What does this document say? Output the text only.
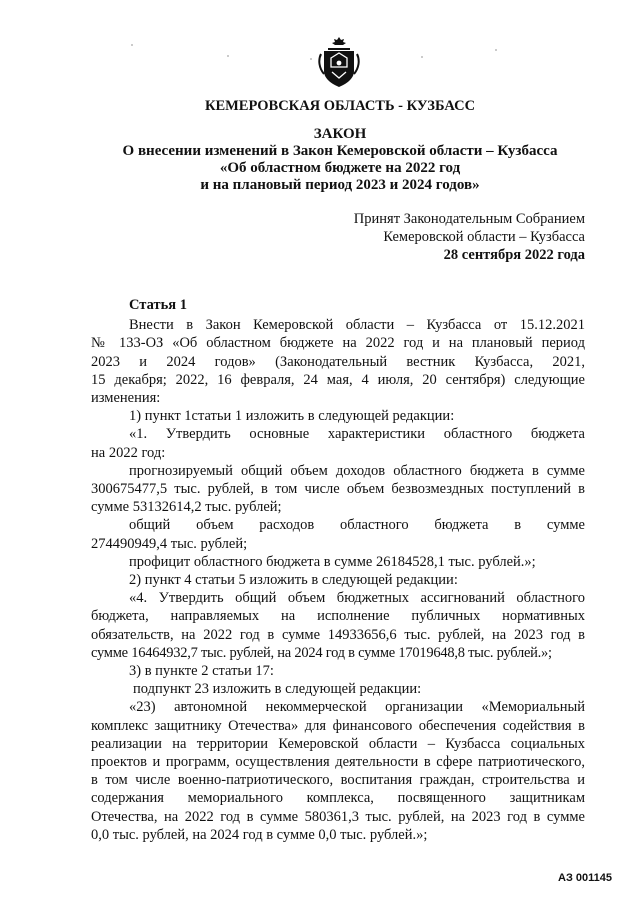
КЕМЕРОВСКАЯ ОБЛАСТЬ - КУЗБАСС
ЗАКОН
О внесении изменений в Закон Кемеровской области – Кузбасса
«Об областном бюджете на 2022 год
и на плановый период 2023 и 2024 годов»
Принят Законодательным Собранием
Кемеровской области – Кузбасса
28 сентября 2022 года

Статья 1

Внести в Закон Кемеровской области – Кузбасса от 15.12.2021

№ 133-ОЗ «Об областном бюджете на 2022 год и на плановый период

2023 и 2024 годов» (Законодательный вестник Кузбасса, 2021,

15 декабря; 2022, 16 февраля, 24 мая, 4 июля, 20 сентября) следующие

изменения:

1) пункт 1статьи 1 изложить в следующей редакции:

«1. Утвердить основные характеристики областного бюджета

на 2022 год:

прогнозируемый общий объем доходов областного бюджета в сумме

300675477,5 тыс. рублей, в том числе объем безвозмездных поступлений в

сумме 53132614,2 тыс. рублей;

общий объем расходов областного бюджета в сумме

274490949,4 тыс. рублей;

профицит областного бюджета в сумме 26184528,1 тыс. рублей.»;

2) пункт 4 статьи 5 изложить в следующей редакции:

«4. Утвердить общий объем бюджетных ассигнований областного

бюджета, направляемых на исполнение публичных нормативных

обязательств, на 2022 год в сумме 14933656,6 тыс. рублей, на 2023 год в

сумме 16464932,7 тыс. рублей, на 2024 год в сумме 17019648,8 тыс. рублей.»;

3) в пункте 2 статьи 17:

подпункт 23 изложить в следующей редакции:

«23) автономной некоммерческой организации «Мемориальный

комплекс защитнику Отечества» для финансового обеспечения содействия в

реализации на территории Кемеровской области – Кузбасса социальных

проектов и программ, осуществления деятельности в сфере патриотического,

в том числе военно-патриотического, воспитания граждан, строительства и

содержания мемориального комплекса, посвященного защитникам

Отечества, на 2022 год в сумме 580361,3 тыс. рублей, на 2023 год в сумме

0,0 тыс. рублей, на 2024 год в сумме 0,0 тыс. рублей.»;

АЗ 001145
